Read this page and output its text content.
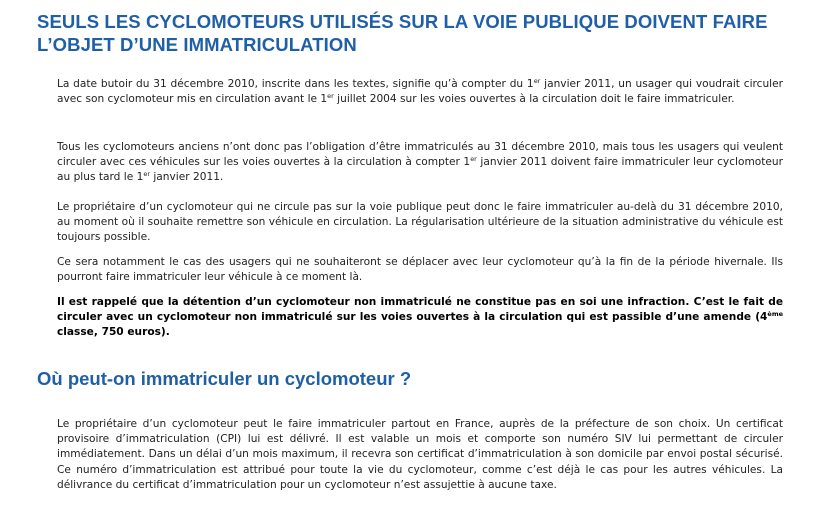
SEULS LES CYCLOMOTEURS UTILISÉS SUR LA VOIE PUBLIQUE DOIVENT FAIRE
L’OBJET D’UNE IMMATRICULATION

La date butoir du 31 décembre 2010, inscrite dans les textes, signifie qu’à compter du 1er janvier 2011, un usager qui voudrait circuler avec son cyclomoteur mis en circulation avant le 1er juillet 2004 sur les voies ouvertes à la circulation doit le faire immatriculer.

Tous les cyclomoteurs anciens n’ont donc pas l’obligation d’être immatriculés au 31 décembre 2010, mais tous les usagers qui veulent circuler avec ces véhicules sur les voies ouvertes à la circulation à compter 1er janvier 2011 doivent faire immatriculer leur cyclomoteur au plus tard le 1er janvier 2011.

Le propriétaire d’un cyclomoteur qui ne circule pas sur la voie publique peut donc le faire immatriculer au-delà du 31 décembre 2010, au moment où il souhaite remettre son véhicule en circulation. La régularisation ultérieure de la situation administrative du véhicule est toujours possible.

Ce sera notamment le cas des usagers qui ne souhaiteront se déplacer avec leur cyclomoteur qu’à la fin de la période hivernale. Ils pourront faire immatriculer leur véhicule à ce moment là.

Il est rappelé que la détention d’un cyclomoteur non immatriculé ne constitue pas en soi une infraction. C’est le fait de circuler avec un cyclomoteur non immatriculé sur les voies ouvertes à la circulation qui est passible d’une amende (4ème classe, 750 euros).

Où peut-on immatriculer un cyclomoteur ?

Le propriétaire d’un cyclomoteur peut le faire immatriculer partout en France, auprès de la préfecture de son choix. Un certificat provisoire d’immatriculation (CPI) lui est délivré. Il est valable un mois et comporte son numéro SIV lui permettant de circuler immédiatement. Dans un délai d’un mois maximum, il recevra son certificat d’immatriculation à son domicile par envoi postal sécurisé. Ce numéro d’immatriculation est attribué pour toute la vie du cyclomoteur, comme c’est déjà le cas pour les autres véhicules. La délivrance du certificat d’immatriculation pour un cyclomoteur n’est assujettie à aucune taxe.
